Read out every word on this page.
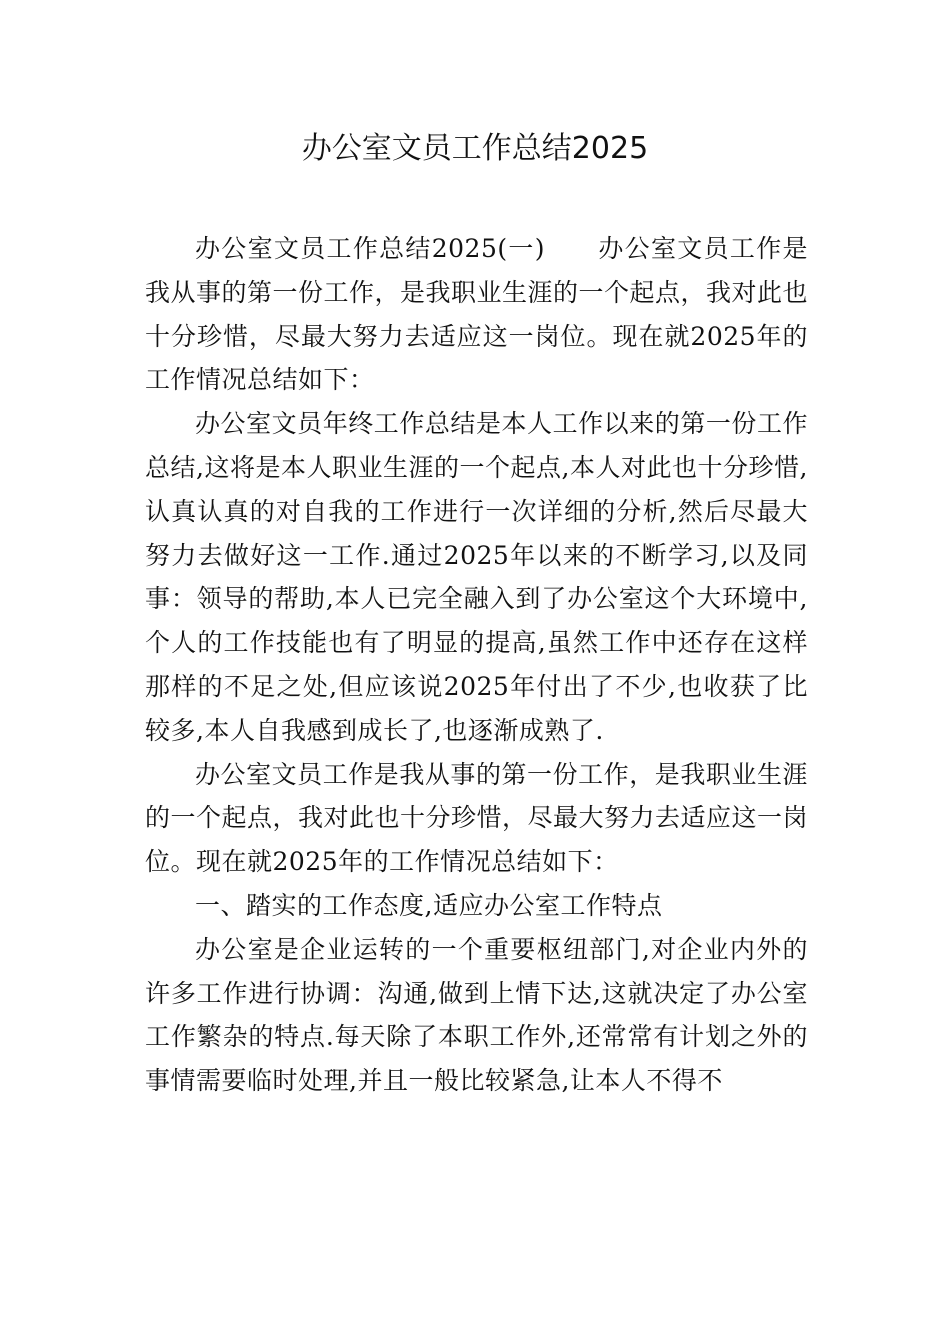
办公室文员工作总结2025

办公室文员工作总结2025(一)　　办公室文员工作是我从事的第一份工作，是我职业生涯的一个起点，我对此也十分珍惜，尽最大努力去适应这一岗位。现在就2025年的工作情况总结如下：

办公室文员年终工作总结是本人工作以来的第一份工作总结,这将是本人职业生涯的一个起点,本人对此也十分珍惜,认真认真的对自我的工作进行一次详细的分析,然后尽最大努力去做好这一工作.通过2025年以来的不断学习,以及同事：领导的帮助,本人已完全融入到了办公室这个大环境中,个人的工作技能也有了明显的提高,虽然工作中还存在这样那样的不足之处,但应该说2025年付出了不少,也收获了比较多,本人自我感到成长了,也逐渐成熟了.

办公室文员工作是我从事的第一份工作，是我职业生涯的一个起点，我对此也十分珍惜，尽最大努力去适应这一岗位。现在就2025年的工作情况总结如下：

一、踏实的工作态度,适应办公室工作特点

办公室是企业运转的一个重要枢纽部门,对企业内外的许多工作进行协调：沟通,做到上情下达,这就决定了办公室工作繁杂的特点.每天除了本职工作外,还常常有计划之外的事情需要临时处理,并且一般比较紧急,让本人不得不
